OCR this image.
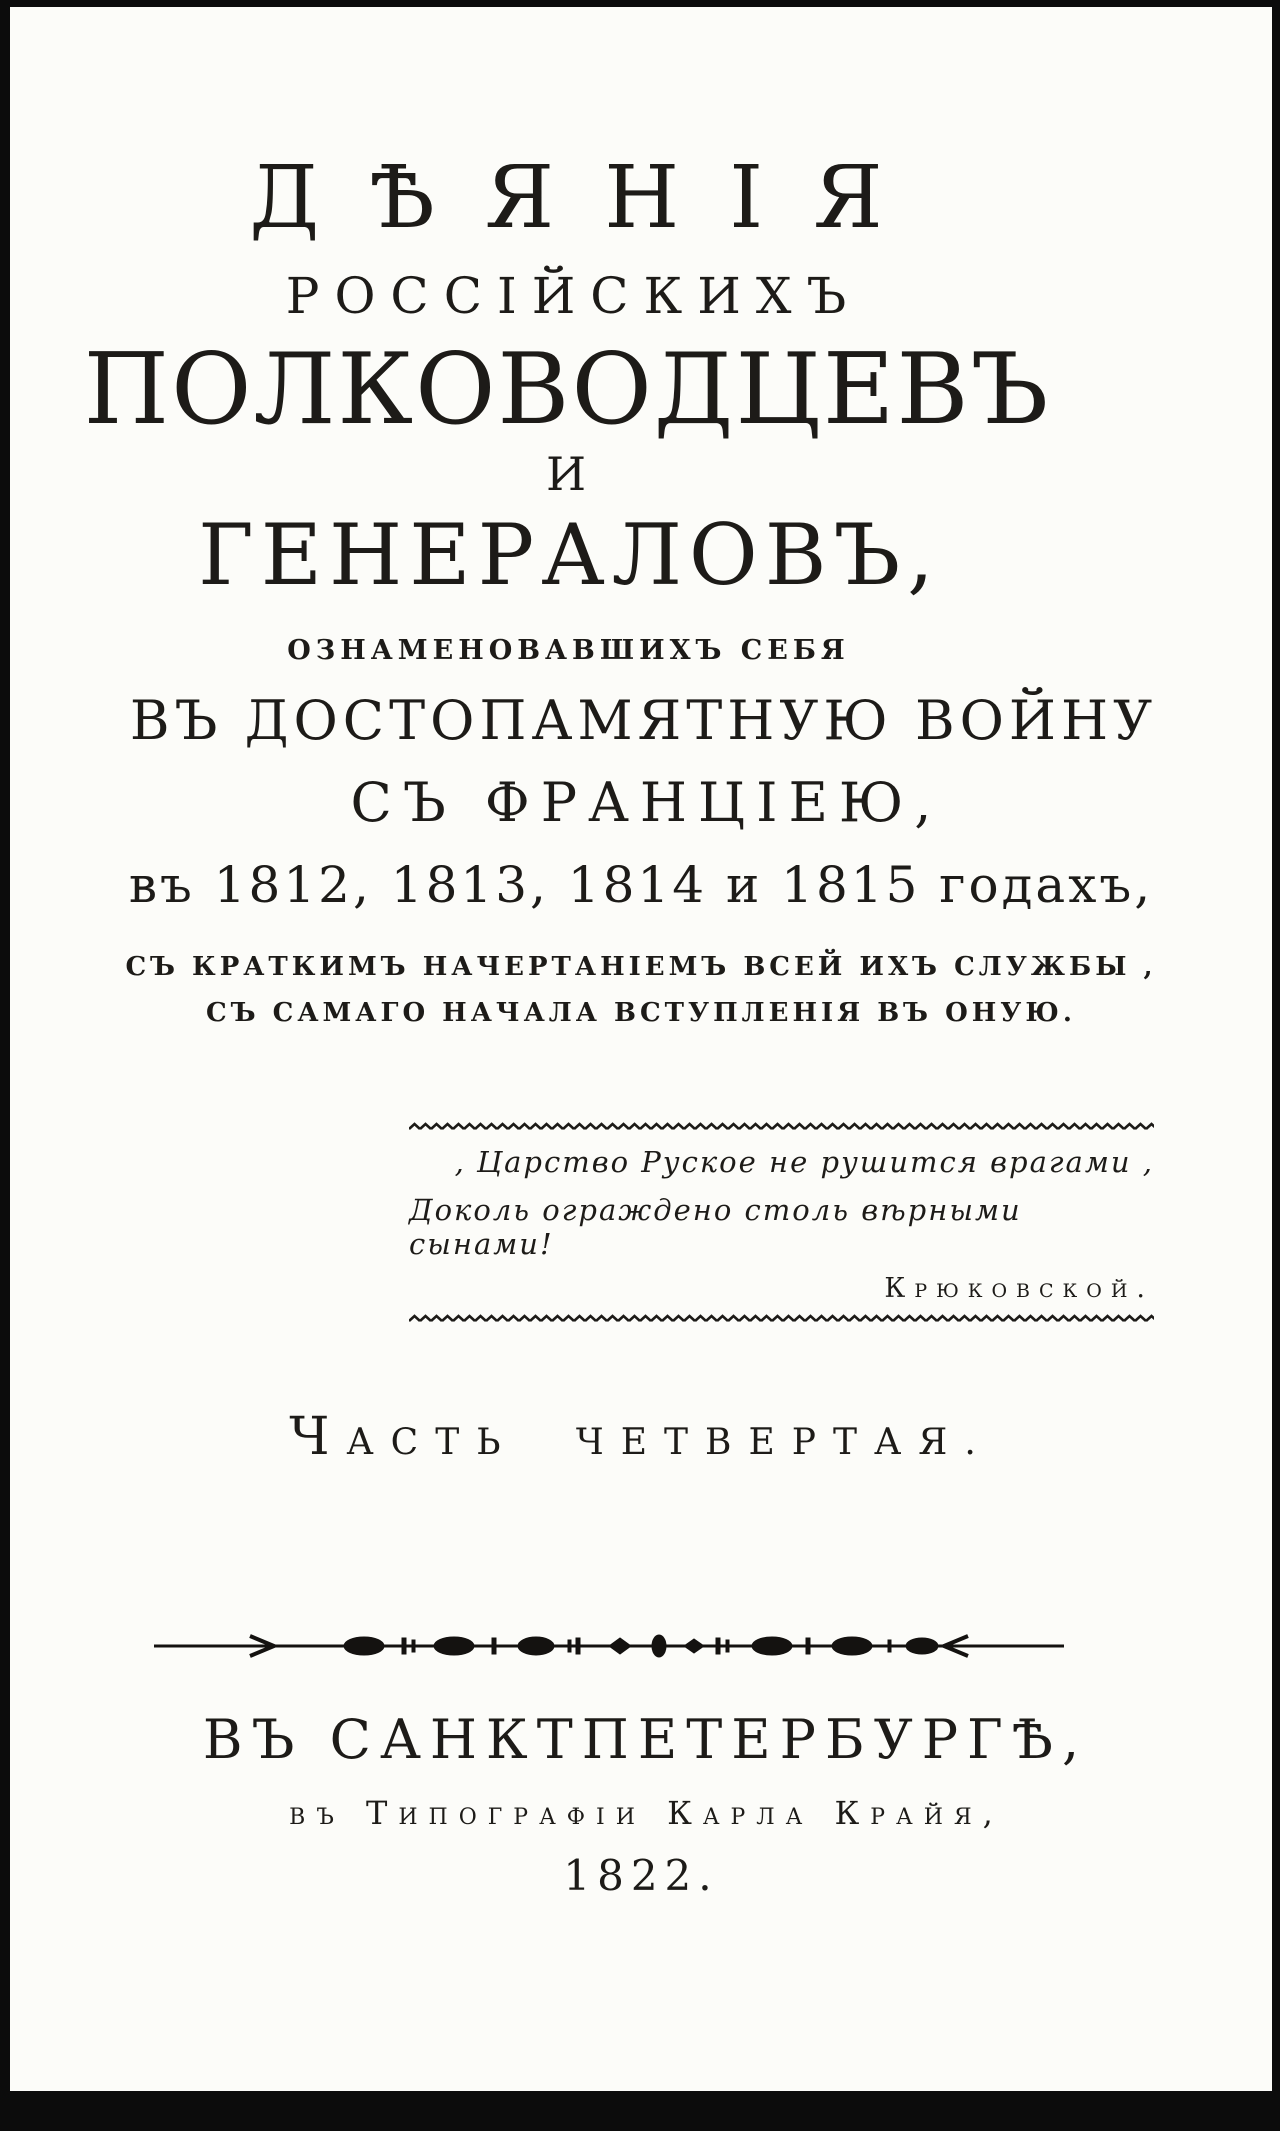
ДѢЯНІЯ
РОССІЙСКИХЪ
ПОЛКОВОДЦЕВЪ
И
ГЕНЕРАЛОВЪ,
ОЗНАМЕНОВАВШИХЪ СЕБЯ
ВЪ ДОСТОПАМЯТНУЮ ВОЙНУ
СЪ ФРАНЦІЕЮ,
въ 1812, 1813, 1814 и 1815 годахъ,
СЪ КРАТКИМЪ НАЧЕРТАНІЕМЪ ВСЕЙ ИХЪ СЛУЖБЫ ,
СЪ САМАГО НАЧАЛА ВСТУПЛЕНІЯ ВЪ ОНУЮ.
‚ Царство Руское не рушится врагами ,
Доколь ограждено столь вѣрными сынами!
Крюковской.
ЧАСТЬ ЧЕТВЕРТАЯ.
ВЪ САНКТПЕТЕРБУРГѢ,
въ Типографіи Карла Крайя,
1822.
